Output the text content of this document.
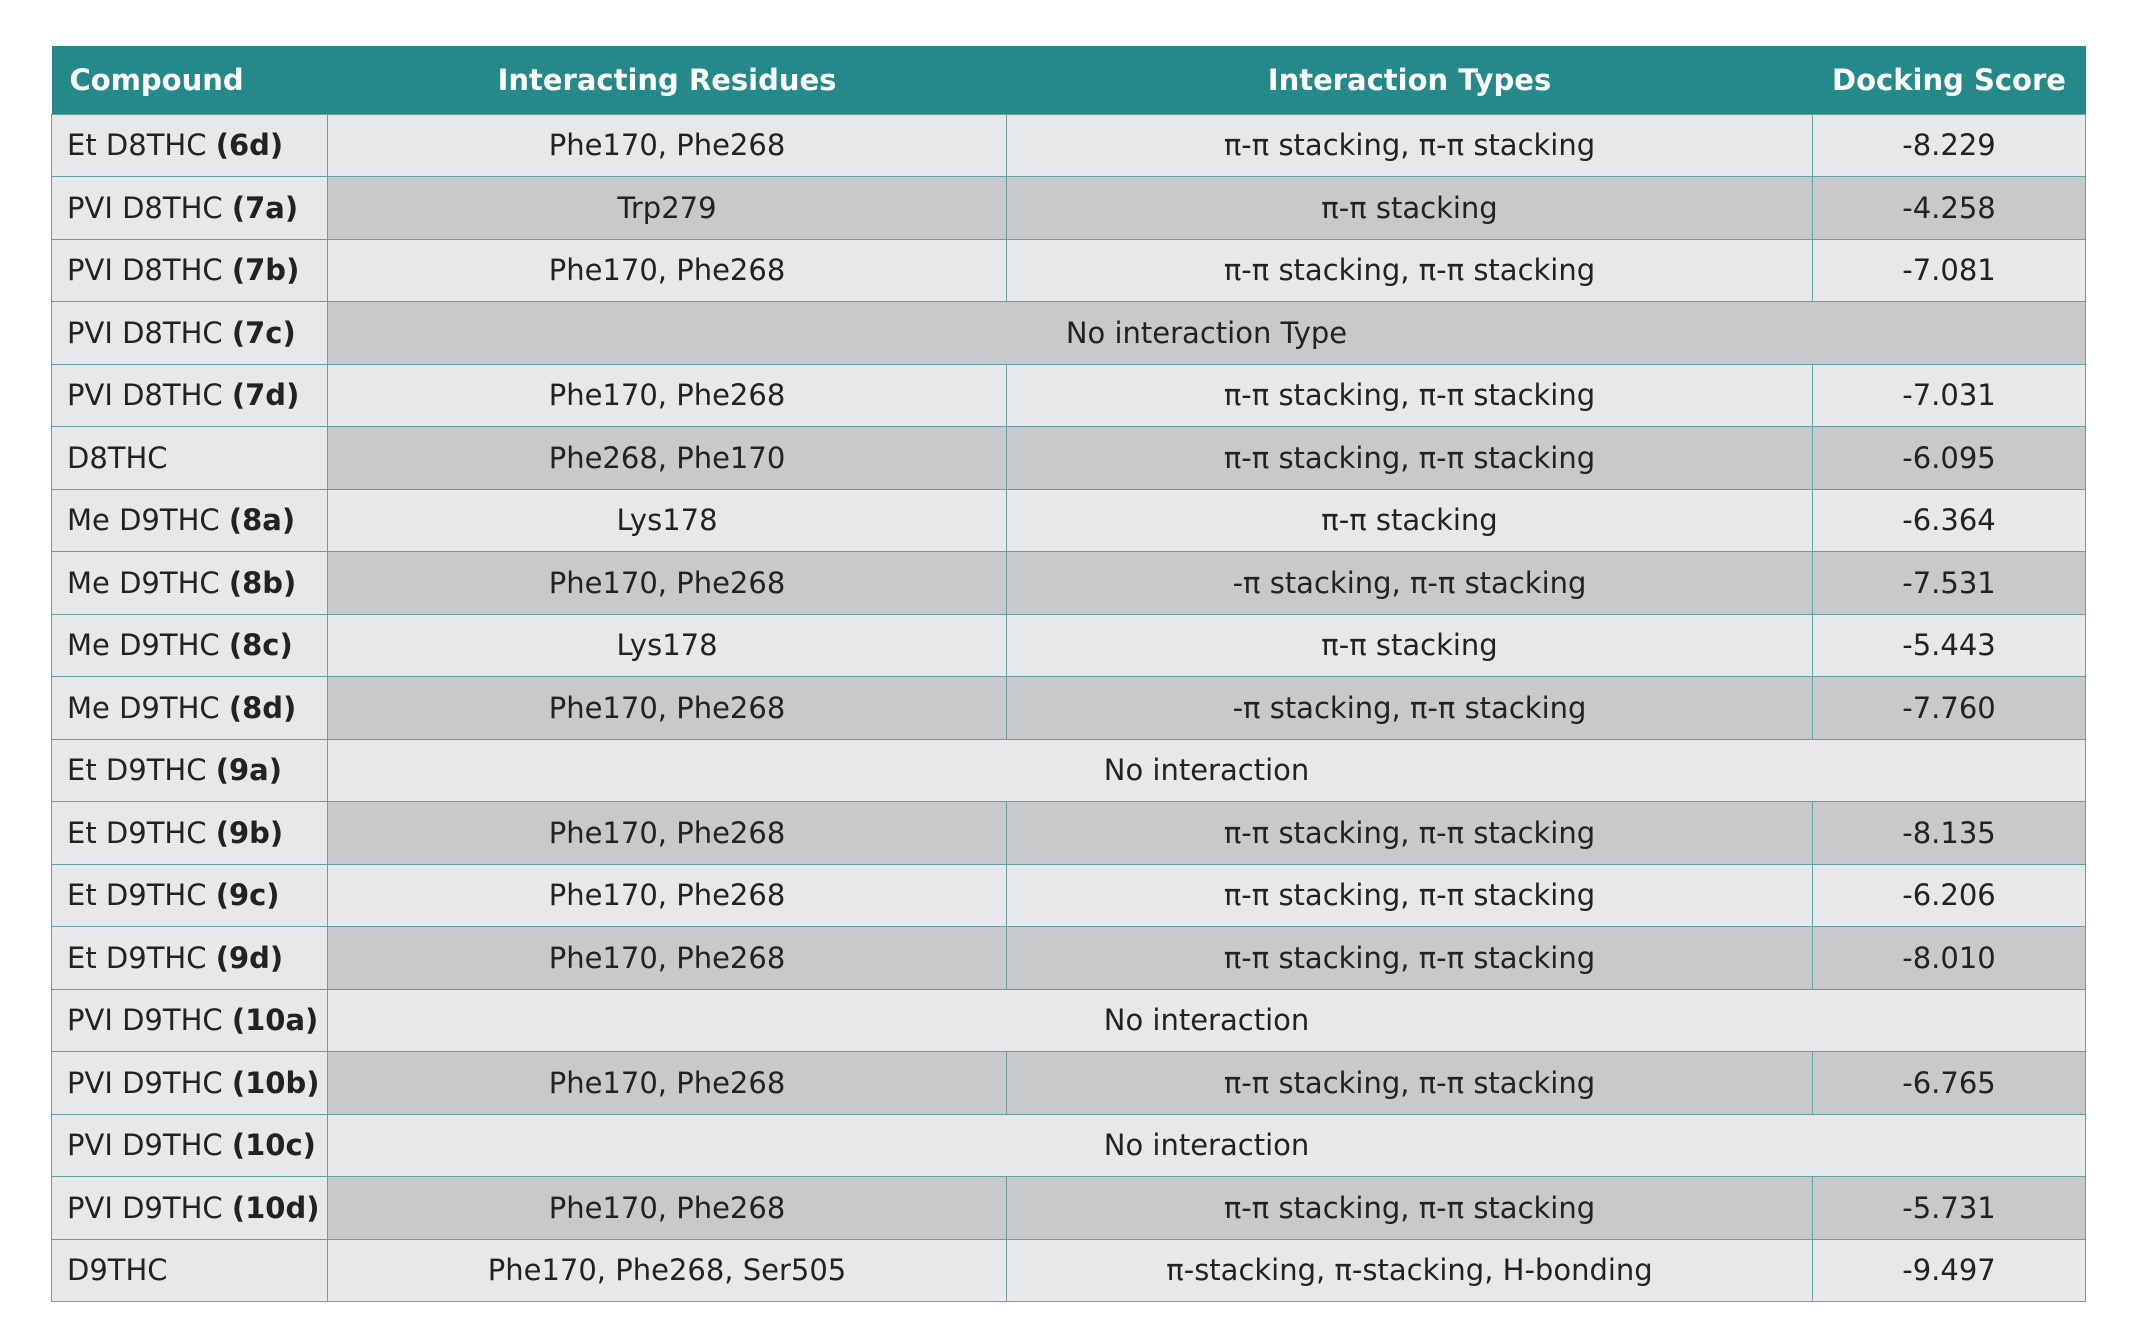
Compound	Interacting Residues	Interaction Types	Docking Score
Et D8THC (6d)	Phe170, Phe268	π-π stacking, π-π stacking	-8.229
PVI D8THC (7a)	Trp279	π-π stacking	-4.258
PVI D8THC (7b)	Phe170, Phe268	π-π stacking, π-π stacking	-7.081
PVI D8THC (7c)	No interaction Type		
PVI D8THC (7d)	Phe170, Phe268	π-π stacking, π-π stacking	-7.031
D8THC	Phe268, Phe170	π-π stacking, π-π stacking	-6.095
Me D9THC (8a)	Lys178	π-π stacking	-6.364
Me D9THC (8b)	Phe170, Phe268	-π stacking, π-π stacking	-7.531
Me D9THC (8c)	Lys178	π-π stacking	-5.443
Me D9THC (8d)	Phe170, Phe268	-π stacking, π-π stacking	-7.760
Et D9THC (9a)	No interaction		
Et D9THC (9b)	Phe170, Phe268	π-π stacking, π-π stacking	-8.135
Et D9THC (9c)	Phe170, Phe268	π-π stacking, π-π stacking	-6.206
Et D9THC (9d)	Phe170, Phe268	π-π stacking, π-π stacking	-8.010
PVI D9THC (10a)	No interaction		
PVI D9THC (10b)	Phe170, Phe268	π-π stacking, π-π stacking	-6.765
PVI D9THC (10c)	No interaction		
PVI D9THC (10d)	Phe170, Phe268	π-π stacking, π-π stacking	-5.731
D9THC	Phe170, Phe268, Ser505	π-stacking, π-stacking, H-bonding	-9.497
